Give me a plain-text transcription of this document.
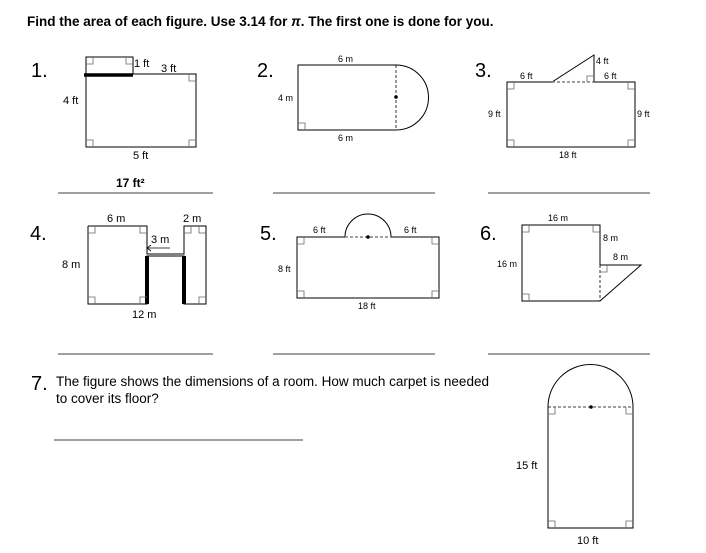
Find the area of each figure. Use 3.14 for π. The first one is done for you.

1.	1 ft 3 ft
4 ft
5 ft
17 ft²
2.
6 m
4 m
6 m
3.	6 ft
4 ft
6 ft
9 ft	9 ft
18 ft
4.
6 m	2 m
3 m
8 m
12 m
5.	6 ft	6 ft
8 ft
18 ft
6.
16 m
8 m
8 m
16 m
7.
15 ft
10 ft

The figure shows the dimensions of a room. How much carpet is needed to cover its floor?
